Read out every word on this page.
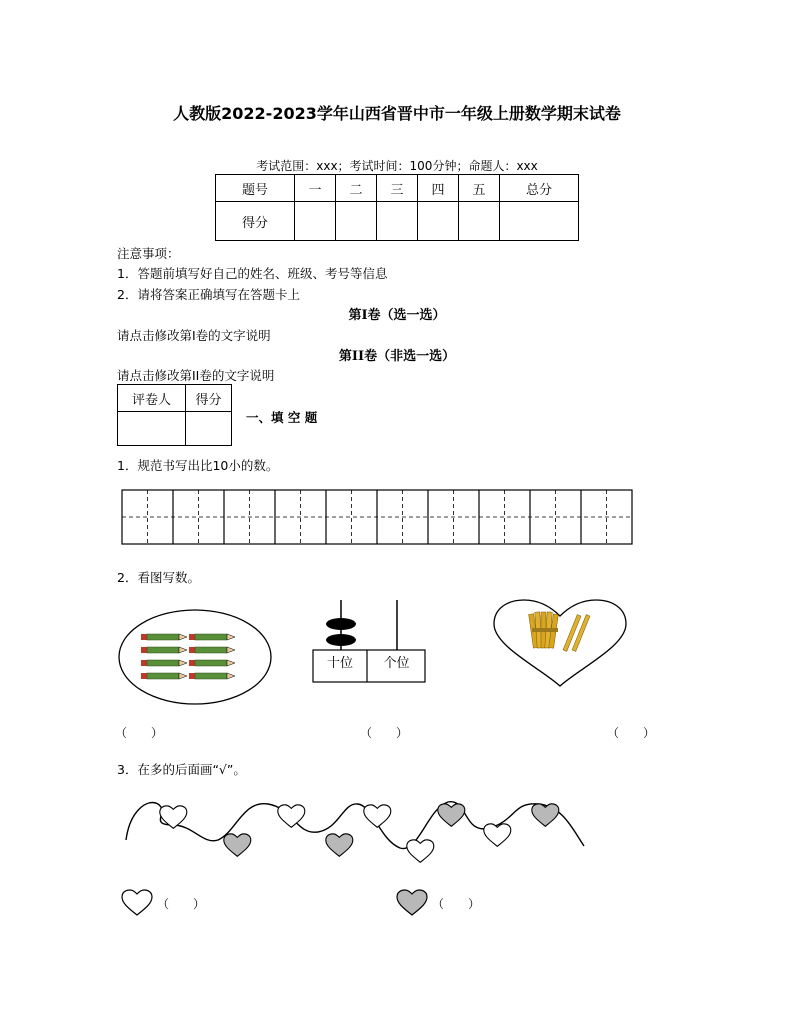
人教版2022-2023学年山西省晋中市一年级上册数学期末试卷
考试范围：xxx；考试时间：100分钟；命题人：xxx
题号	一	二	三	四	五	总分
得分						
注意事项：
1．答题前填写好自己的姓名、班级、考号等信息
2．请将答案正确填写在答题卡上
第I卷（选一选）
请点击修改第I卷的文字说明
第II卷（非选一选）
请点击修改第II卷的文字说明
评卷人	得分

一、填 空 题
1．规范书写出比10小的数。
2．看图写数。
十位	个位
（　　）	（　　）	（　　）
3．在多的后面画“√”。
（　　）	（　　）
